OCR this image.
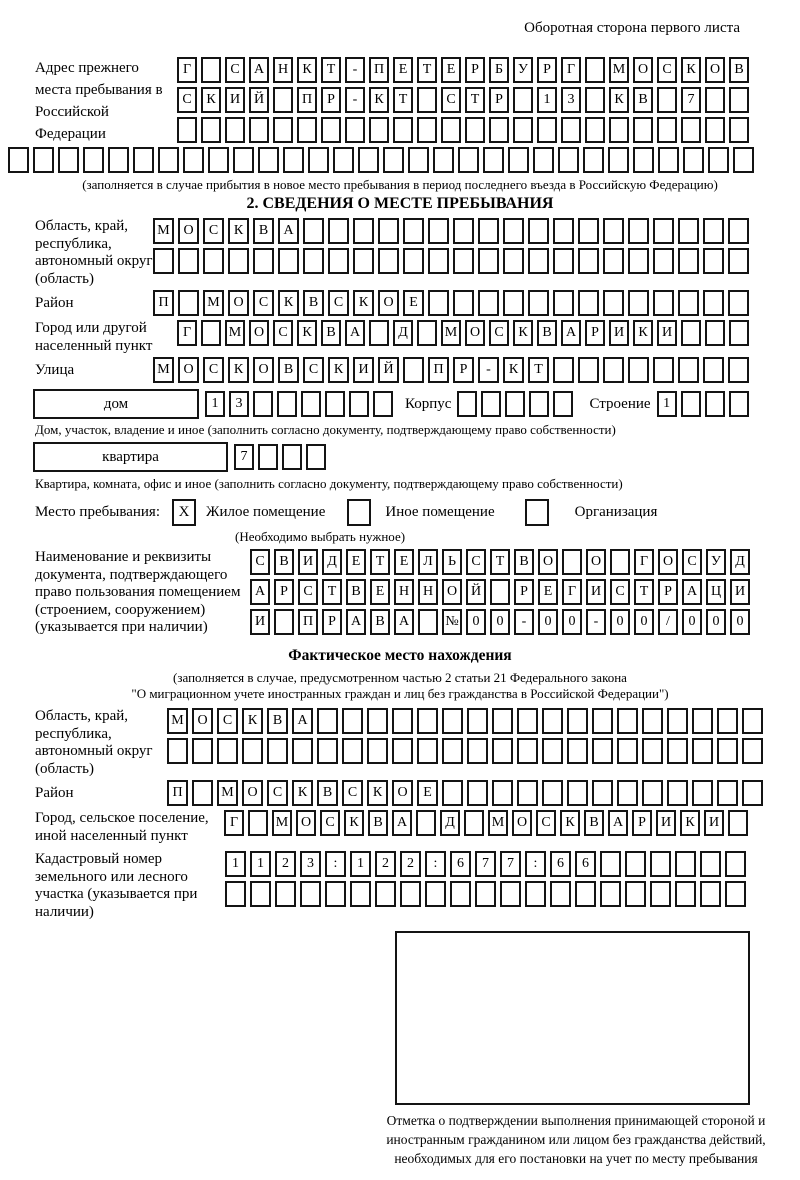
Оборотная сторона первого листа
Адрес прежнего места пребывания в Российской Федерации
Г	С	А Н	К	Т	-	П	Е	Т	Е	Р	Б	У	Р	Г	М О	С	К	О	В
С	К	И Й	П	Р	-	К	Т	С	Т	Р	1	3	К	В	7
(заполняется в случае прибытия в новое место пребывания в период последнего въезда в Российскую Федерацию)
2. СВЕДЕНИЯ О МЕСТЕ ПРЕБЫВАНИЯ
Область, край, республика, автономный округ (область)
М О	С	К	В	А
Район	П	М О	С	К	В	С	К	О	Е
Город или другой населенный пункт
Г	М О	С	К	В	А	Д	М О	С	К	В	А	Р	И	К	И
Улица	М О	С	К	О	В	С	К	И	Й	П	Р	-	К	Т
дом	1	3	Корпус	Строение 1
Дом, участок, владение и иное (заполнить согласно документу, подтверждающему право собственности)
квартира	7
Квартира, комната, офис и иное (заполнить согласно документу, подтверждающему право собственности)
Место пребывания:	X	Жилое помещение	Иное помещение	Организация
(Необходимо выбрать нужное)
Наименование и реквизиты документа, подтверждающего право пользования помещением (строением, сооружением) (указывается при наличии)
С	В	И	Д	Е	Т	Е	Л	Ь	С	Т	В	О	О	Г	О	С	У	Д
А	Р	С	Т	В	Е	Н Н О Й	Р	Е	Г	И	С	Т	Р	А Ц И
И	П	Р	А	В	А	№ 0	0	-	0	0	-	0	0	/	0	0	0
Фактическое место нахождения
(заполняется в случае, предусмотренном частью 2 статьи 21 Федерального закона
"О миграционном учете иностранных граждан и лиц без гражданства в Российской Федерации")
Область, край, республика, автономный округ (область)
М О	С	К	В	А
Район	П	М О	С	К	В	С	К	О	Е
Город, сельское поселение, иной населенный пункт
Г	М О	С	К	В	А	Д	М О	С	К	В	А	Р	И	К	И
Кадастровый номер земельного или лесного участка (указывается при наличии)
1	1	2	3	:	1	2	2	:	6	7	7	:	6	6
Отметка о подтверждении выполнения принимающей стороной и иностранным гражданином или лицом без гражданства действий, необходимых для его постановки на учет по месту пребывания
